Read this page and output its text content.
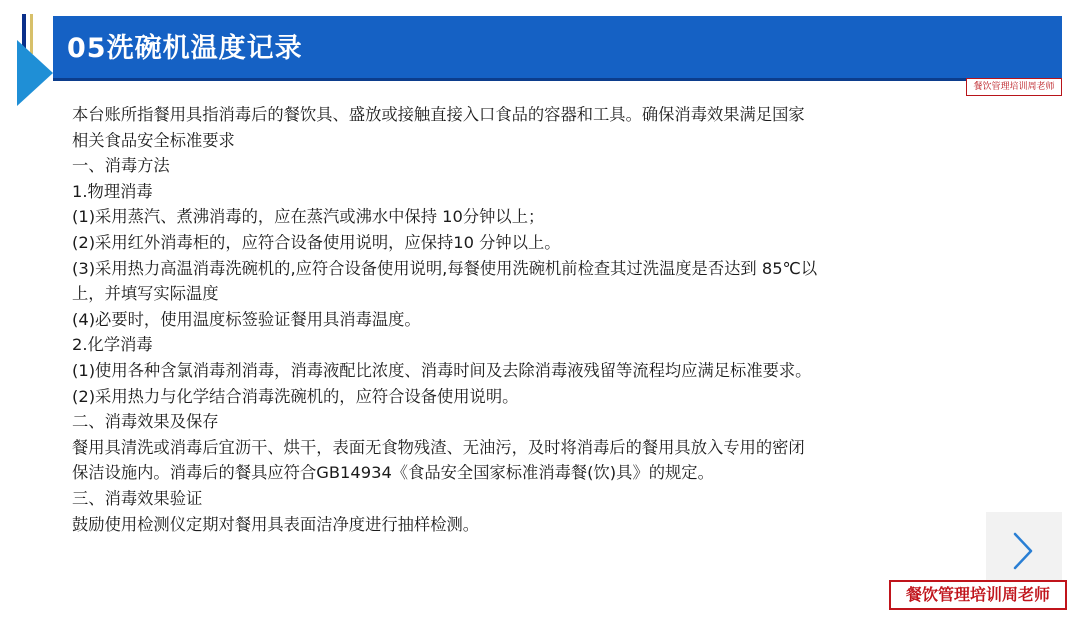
05洗碗机温度记录
餐饮管理培训周老师

本台账所指餐用具指消毒后的餐饮具、盛放或接触直接入口食品的容器和工具。确保消毒效果满足国家

相关食品安全标准要求

一、消毒方法

1.物理消毒

(1)采用蒸汽、煮沸消毒的，应在蒸汽或沸水中保持 10分钟以上；

(2)采用红外消毒柜的，应符合设备使用说明，应保持10 分钟以上。

(3)采用热力高温消毒洗碗机的,应符合设备使用说明,每餐使用洗碗机前检查其过洗温度是否达到 85℃以

上，并填写实际温度

(4)必要时，使用温度标签验证餐用具消毒温度。

2.化学消毒

(1)使用各种含氯消毒剂消毒，消毒液配比浓度、消毒时间及去除消毒液残留等流程均应满足标准要求。

(2)采用热力与化学结合消毒洗碗机的，应符合设备使用说明。

二、消毒效果及保存

餐用具清洗或消毒后宜沥干、烘干，表面无食物残渣、无油污，及时将消毒后的餐用具放入专用的密闭

保洁设施内。消毒后的餐具应符合GB14934《食品安全国家标准消毒餐(饮)具》的规定。

三、消毒效果验证

鼓励使用检测仪定期对餐用具表面洁净度进行抽样检测。

餐饮管理培训周老师
